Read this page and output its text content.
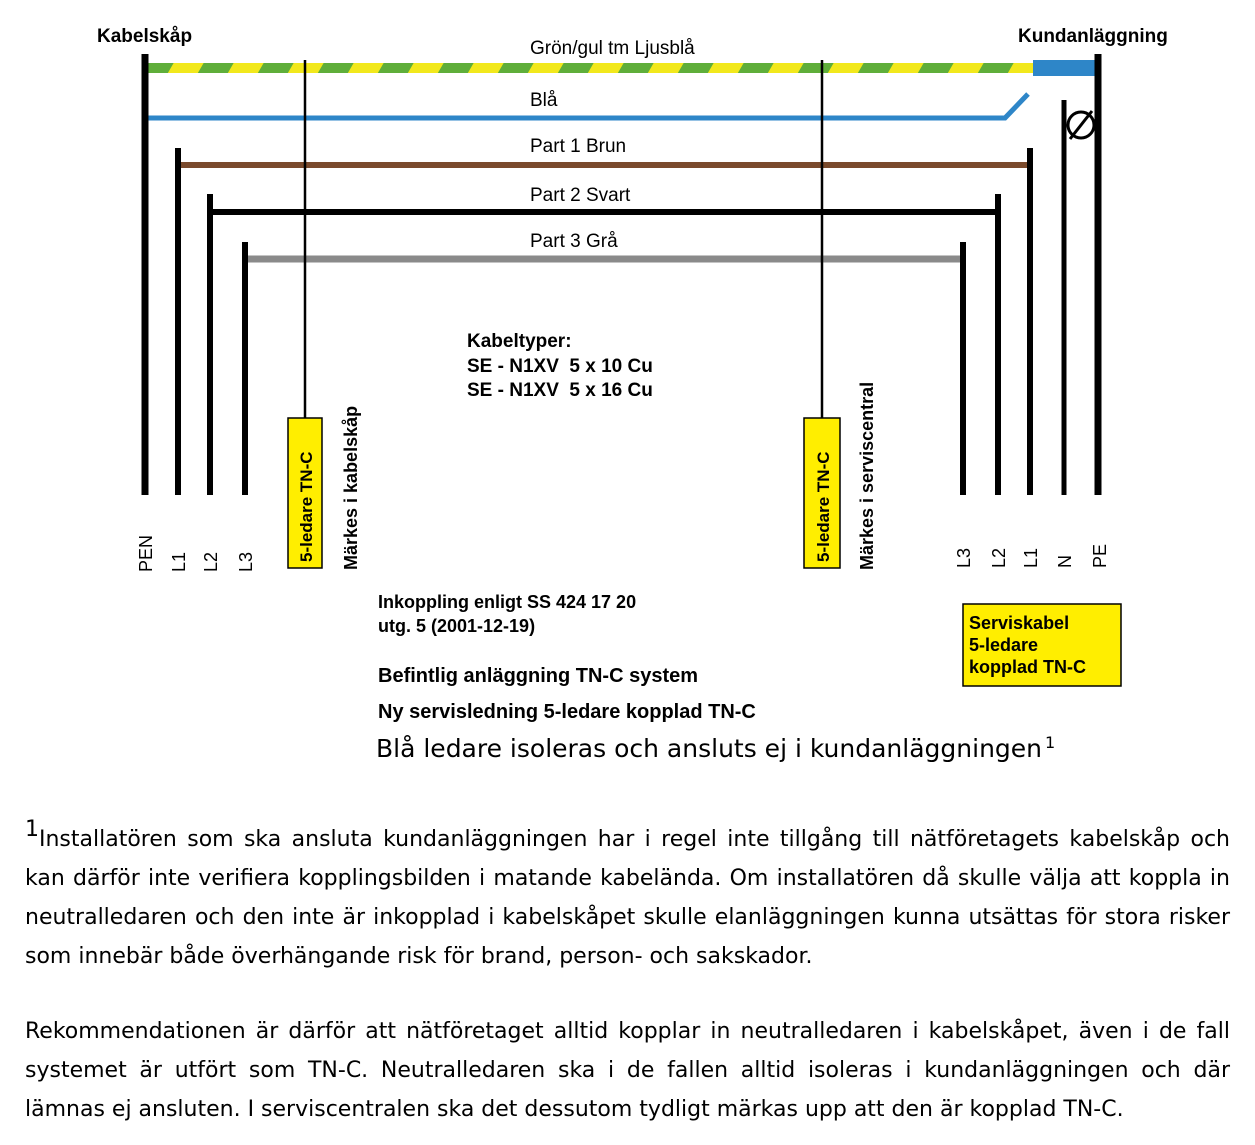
Kabelskåp	Kundanläggning
Grön/gul tm Ljusblå
Blå
Part 1 Brun
Part 2 Svart
Part 3 Grå
5-ledare TN-C Märkes i kabelskåp	5-ledare TN-C Märkes i serviscentral
PEN L1 L2 L3	L3 L2 L1 N PE
Kabeltyper:
SE - N1XV  5 x 10 Cu
SE - N1XV  5 x 16 Cu
Inkoppling enligt SS 424 17 20
utg. 5 (2001-12-19)
Befintlig anläggning TN-C system
Ny servisledning 5-ledare kopplad TN-C
Blå ledare isoleras och ansluts ej i kundanläggningen $^1$
Serviskabel
5-ledare
kopplad TN-C

$^1$Installatören som ska ansluta kundanläggningen har i regel inte tillgång till nätföretagets kabelskåp och kan därför inte verifiera kopplingsbilden i matande kabelända. Om installatören då skulle välja att koppla in neutralledaren och den inte är inkopplad i kabelskåpet skulle elanläggningen kunna utsättas för stora risker som innebär både överhängande risk för brand, person- och sakskador.

Rekommendationen är därför att nätföretaget alltid kopplar in neutralledaren i kabelskåpet, även i de fall systemet är utfört som TN-C. Neutralledaren ska i de fallen alltid isoleras i kundanläggningen och där lämnas ej ansluten. I serviscentralen ska det dessutom tydligt märkas upp att den är kopplad TN-C.
